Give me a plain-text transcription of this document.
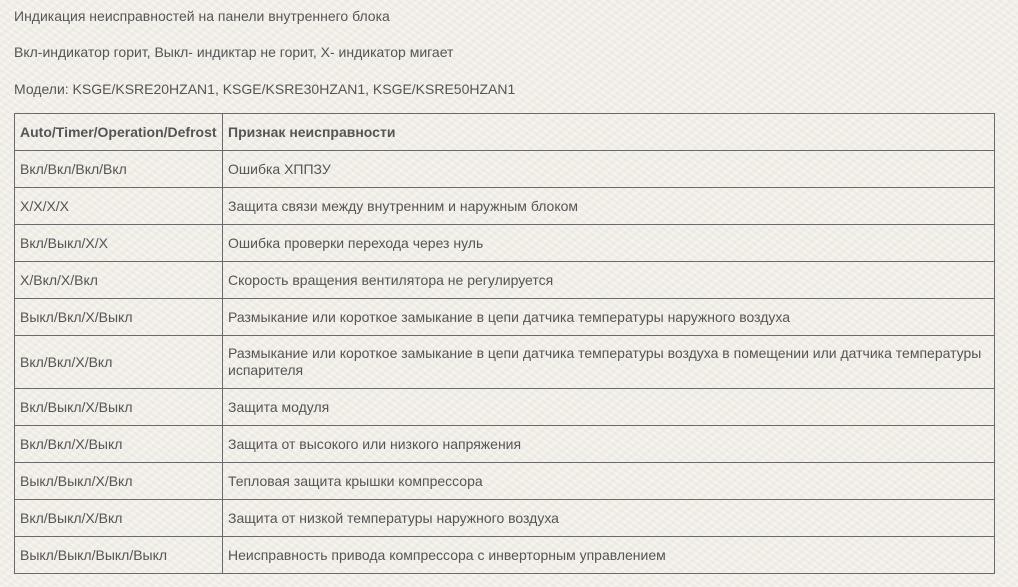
Индикация неисправностей на панели внутреннего блока

Вкл-индикатор горит, Выкл- индиктар не горит, Х- индикатор мигает

Модели: KSGE/KSRE20HZAN1, KSGE/KSRE30HZAN1, KSGE/KSRE50HZAN1

Auto/Timer/Operation/Defrost	Признак неисправности
Вкл/Вкл/Вкл/Вкл	Ошибка ХППЗУ
Х/Х/Х/Х	Защита связи между внутренним и наружным блоком
Вкл/Выкл/Х/Х	Ошибка проверки перехода через нуль
Х/Вкл/Х/Вкл	Скорость вращения вентилятора не регулируется
Выкл/Вкл/Х/Выкл	Размыкание или короткое замыкание в цепи датчика температуры наружного воздуха
Вкл/Вкл/Х/Вкл	Размыкание или короткое замыкание в цепи датчика температуры воздуха в помещении или датчика температуры испарителя
Вкл/Выкл/Х/Выкл	Защита модуля
Вкл/Вкл/Х/Выкл	Защита от высокого или низкого напряжения
Выкл/Выкл/Х/Вкл	Тепловая защита крышки компрессора
Вкл/Выкл/Х/Вкл	Защита от низкой температуры наружного воздуха
Выкл/Выкл/Выкл/Выкл	Неисправность привода компрессора с инверторным управлением
